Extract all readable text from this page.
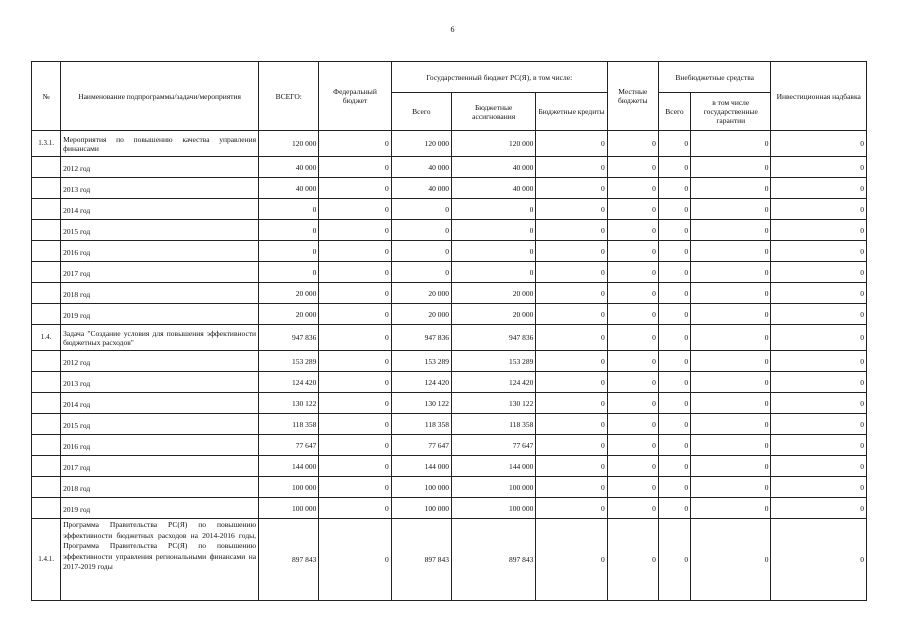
6
№	Наименование подпрограммы/задачи/мероприятия	ВСЕГО:	Федеральный бюджет	Государственный бюджет РС(Я), в том числе:			Местные бюджеты	Внебюджетные средства		Инвестиционная надбавка
				Всего	Бюджетные ассигнования	Бюджетные кредиты		Всего	в том числе государственные гарантии	
1.3.1.	Мероприятия по повышению качества управления финансами	120 000	0	120 000	120 000	0	0	0	0	0
	2012 год	40 000	0	40 000	40 000	0	0	0	0	0
	2013 год	40 000	0	40 000	40 000	0	0	0	0	0
	2014 год	0	0	0	0	0	0	0	0	0
	2015 год	0	0	0	0	0	0	0	0	0
	2016 год	0	0	0	0	0	0	0	0	0
	2017 год	0	0	0	0	0	0	0	0	0
	2018 год	20 000	0	20 000	20 000	0	0	0	0	0
	2019 год	20 000	0	20 000	20 000	0	0	0	0	0
1.4.	Задача "Создание условия для повышения эффективности бюджетных расходов"	947 836	0	947 836	947 836	0	0	0	0	0
	2012 год	153 289	0	153 289	153 289	0	0	0	0	0
	2013 год	124 420	0	124 420	124 420	0	0	0	0	0
	2014 год	130 122	0	130 122	130 122	0	0	0	0	0
	2015 год	118 358	0	118 358	118 358	0	0	0	0	0
	2016 год	77 647	0	77 647	77 647	0	0	0	0	0
	2017 год	144 000	0	144 000	144 000	0	0	0	0	0
	2018 год	100 000	0	100 000	100 000	0	0	0	0	0
	2019 год	100 000	0	100 000	100 000	0	0	0	0	0
1.4.1.	Программа Правительства РС(Я) по повышению эффективности бюджетных расходов на 2014-2016 годы, Программа Правительства РС(Я) по повышению эффективности управления региональными финансами на 2017-2019 годы	897 843	0	897 843	897 843	0	0	0	0	0
